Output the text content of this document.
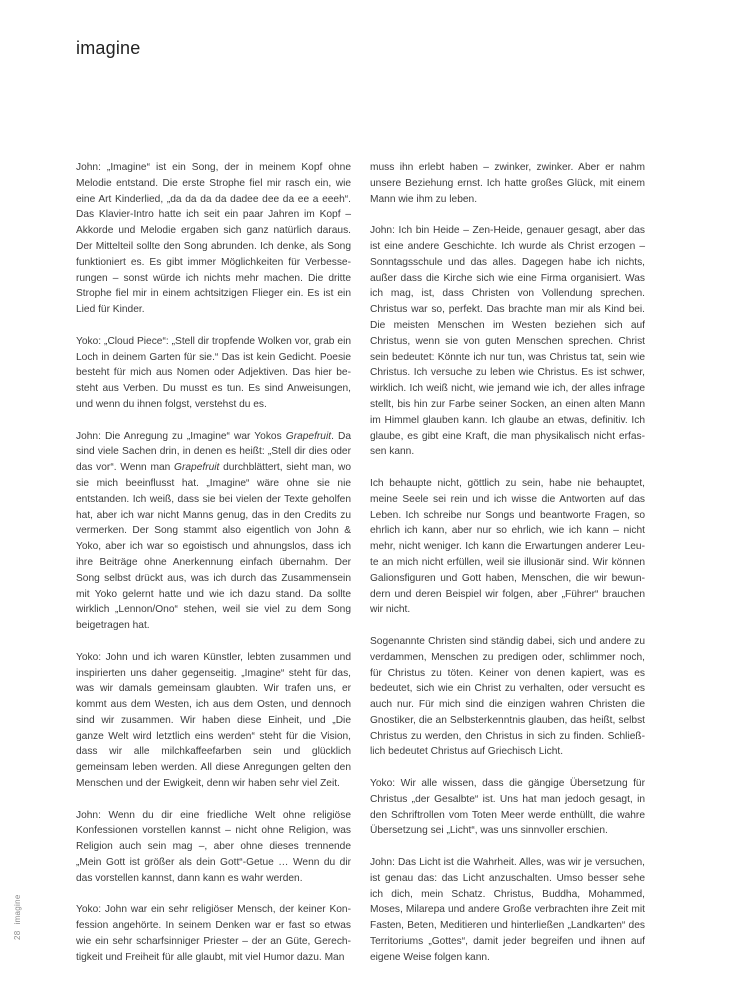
imagine

John: „Imagine“ ist ein Song, der in meinem Kopf ohne Melodie entstand. Die erste Strophe fiel mir rasch ein, wie eine Art Kinderlied, „da da da da dadee dee da ee a eeeh“. Das Klavier-Intro hatte ich seit ein paar Jahren im Kopf – Akkorde und Melodie ergaben sich ganz natürlich daraus. Der Mittelteil sollte den Song abrunden. Ich denke, als Song funktioniert es. Es gibt immer Möglichkeiten für Verbesserungen – sonst würde ich nichts mehr machen. Die dritte Strophe fiel mir in einem achtsitzigen Flieger ein. Es ist ein Lied für Kinder.

Yoko: „Cloud Piece“: „Stell dir tropfende Wolken vor, grab ein Loch in deinem Garten für sie.“ Das ist kein Gedicht. Poesie besteht für mich aus Nomen oder Adjektiven. Das hier besteht aus Verben. Du musst es tun. Es sind Anweisungen, und wenn du ihnen folgst, verstehst du es.

John: Die Anregung zu „Imagine“ war Yokos Grapefruit. Da sind viele Sachen drin, in denen es heißt: „Stell dir dies oder das vor“. Wenn man Grapefruit durchblättert, sieht man, wo sie mich beeinflusst hat. „Imagine“ wäre ohne sie nie entstanden. Ich weiß, dass sie bei vielen der Texte geholfen hat, aber ich war nicht Manns genug, das in den Credits zu vermerken. Der Song stammt also eigentlich von John & Yoko, aber ich war so egoistisch und ahnungslos, dass ich ihre Beiträge ohne Anerkennung einfach übernahm. Der Song selbst drückt aus, was ich durch das Zusammensein mit Yoko gelernt hatte und wie ich dazu stand. Da sollte wirklich „Lennon/Ono“ stehen, weil sie viel zu dem Song beigetragen hat.

Yoko: John und ich waren Künstler, lebten zusammen und inspirierten uns daher gegenseitig. „Imagine“ steht für das, was wir damals gemeinsam glaubten. Wir trafen uns, er kommt aus dem Westen, ich aus dem Osten, und dennoch sind wir zusammen. Wir haben diese Einheit, und „Die ganze Welt wird letztlich eins werden“ steht für die Vision, dass wir alle milchkaffeefarben sein und glücklich gemeinsam leben werden. All diese Anregungen gelten den Menschen und der Ewigkeit, denn wir haben sehr viel Zeit.

John: Wenn du dir eine friedliche Welt ohne religiöse Konfessionen vorstellen kannst – nicht ohne Religion, was Religion auch sein mag –, aber ohne dieses trennende „Mein Gott ist größer als dein Gott“-Getue … Wenn du dir das vorstellen kannst, dann kann es wahr werden.

Yoko: John war ein sehr religiöser Mensch, der keiner Konfession angehörte. In seinem Denken war er fast so etwas wie ein sehr scharfsinniger Priester – der an Güte, Gerechtigkeit und Freiheit für alle glaubt, mit viel Humor dazu. Man

muss ihn erlebt haben – zwinker, zwinker. Aber er nahm unsere Beziehung ernst. Ich hatte großes Glück, mit einem Mann wie ihm zu leben.

John: Ich bin Heide – Zen-Heide, genauer gesagt, aber das ist eine andere Geschichte. Ich wurde als Christ erzogen – Sonntagsschule und das alles. Dagegen habe ich nichts, außer dass die Kirche sich wie eine Firma organisiert. Was ich mag, ist, dass Christen von Vollendung sprechen. Christus war so, perfekt. Das brachte man mir als Kind bei. Die meisten Menschen im Westen beziehen sich auf Christus, wenn sie von guten Menschen sprechen. Christ sein bedeutet: Könnte ich nur tun, was Christus tat, sein wie Christus. Ich versuche zu leben wie Christus. Es ist schwer, wirklich. Ich weiß nicht, wie jemand wie ich, der alles infrage stellt, bis hin zur Farbe seiner Socken, an einen alten Mann im Himmel glauben kann. Ich glaube an etwas, definitiv. Ich glaube, es gibt eine Kraft, die man physikalisch nicht erfassen kann.

Ich behaupte nicht, göttlich zu sein, habe nie behauptet, meine Seele sei rein und ich wisse die Antworten auf das Leben. Ich schreibe nur Songs und beantworte Fragen, so ehrlich ich kann, aber nur so ehrlich, wie ich kann – nicht mehr, nicht weniger. Ich kann die Erwartungen anderer Leute an mich nicht erfüllen, weil sie illusionär sind. Wir können Galionsfiguren und Gott haben, Menschen, die wir bewundern und deren Beispiel wir folgen, aber „Führer“ brauchen wir nicht.

Sogenannte Christen sind ständig dabei, sich und andere zu verdammen, Menschen zu predigen oder, schlimmer noch, für Christus zu töten. Keiner von denen kapiert, was es bedeutet, sich wie ein Christ zu verhalten, oder versucht es auch nur. Für mich sind die einzigen wahren Christen die Gnostiker, die an Selbsterkenntnis glauben, das heißt, selbst Christus zu werden, den Christus in sich zu finden. Schließlich bedeutet Christus auf Griechisch Licht.

Yoko: Wir alle wissen, dass die gängige Übersetzung für Christus „der Gesalbte“ ist. Uns hat man jedoch gesagt, in den Schriftrollen vom Toten Meer werde enthüllt, die wahre Übersetzung sei „Licht“, was uns sinnvoller erschien.

John: Das Licht ist die Wahrheit. Alles, was wir je versuchen, ist genau das: das Licht anzuschalten. Umso besser sehe ich dich, mein Schatz. Christus, Buddha, Mohammed, Moses, Milarepa und andere Große verbrachten ihre Zeit mit Fasten, Beten, Meditieren und hinterließen „Landkarten“ des Territoriums „Gottes“, damit jeder begreifen und ihnen auf eigene Weise folgen kann.

28imagine
